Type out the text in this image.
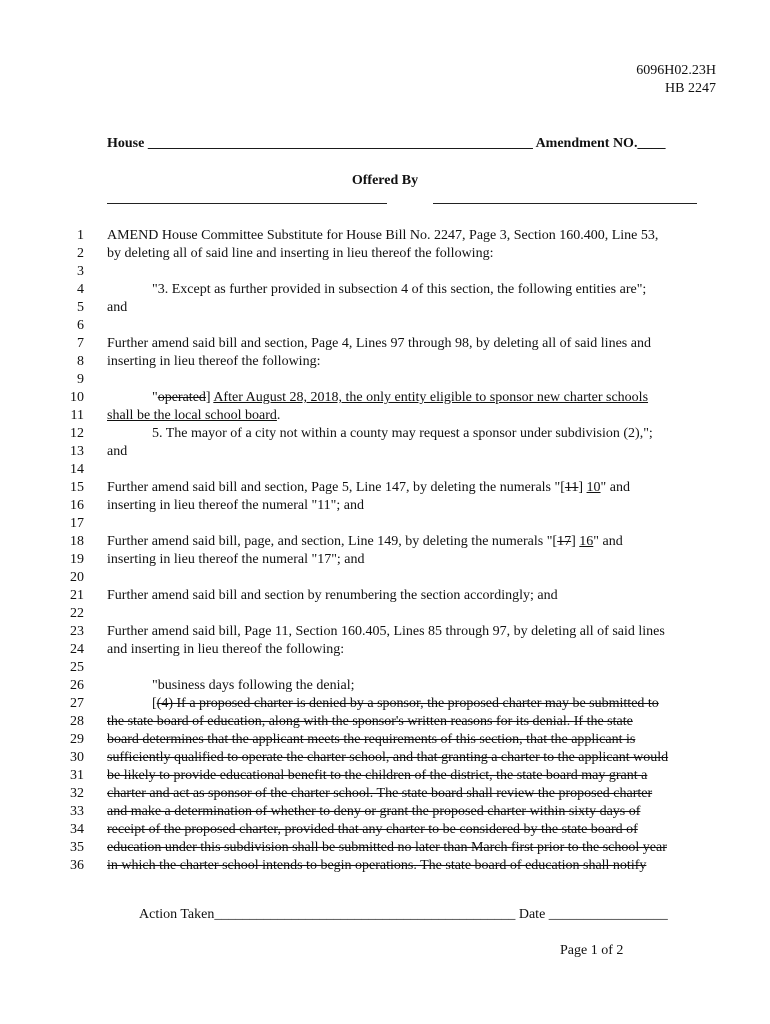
6096H02.23H
HB 2247
House _______________________________________________________ Amendment NO.____
Offered By
1
2
3
4
5
6
7
8
9
10
11
12
13
14
15
16
17
18
19
20
21
22
23
24
25
26
27
28
29
30
31
32
33
34
35
36
AMEND House Committee Substitute for House Bill No. 2247, Page 3, Section 160.400, Line 53,
by deleting all of said line and inserting in lieu thereof the following:
"3. Except as further provided in subsection 4 of this section, the following entities are";
and
Further amend said bill and section, Page 4, Lines 97 through 98, by deleting all of said lines and
inserting in lieu thereof the following:
"operated] After August 28, 2018, the only entity eligible to sponsor new charter schools
shall be the local school board.
5. The mayor of a city not within a county may request a sponsor under subdivision (2),";
and
Further amend said bill and section, Page 5, Line 147, by deleting the numerals "[11] 10" and
inserting in lieu thereof the numeral "11"; and
Further amend said bill, page, and section, Line 149, by deleting the numerals "[17] 16" and
inserting in lieu thereof the numeral "17"; and
Further amend said bill and section by renumbering the section accordingly; and
Further amend said bill, Page 11, Section 160.405, Lines 85 through 97, by deleting all of said lines
and inserting in lieu thereof the following:
"business days following the denial;
[(4) If a proposed charter is denied by a sponsor, the proposed charter may be submitted to
the state board of education, along with the sponsor's written reasons for its denial. If the state
board determines that the applicant meets the requirements of this section, that the applicant is
sufficiently qualified to operate the charter school, and that granting a charter to the applicant would
be likely to provide educational benefit to the children of the district, the state board may grant a
charter and act as sponsor of the charter school. The state board shall review the proposed charter
and make a determination of whether to deny or grant the proposed charter within sixty days of
receipt of the proposed charter, provided that any charter to be considered by the state board of
education under this subdivision shall be submitted no later than March first prior to the school year
in which the charter school intends to begin operations. The state board of education shall notify
Action Taken___________________________________________ Date _________________
Page 1 of 2
